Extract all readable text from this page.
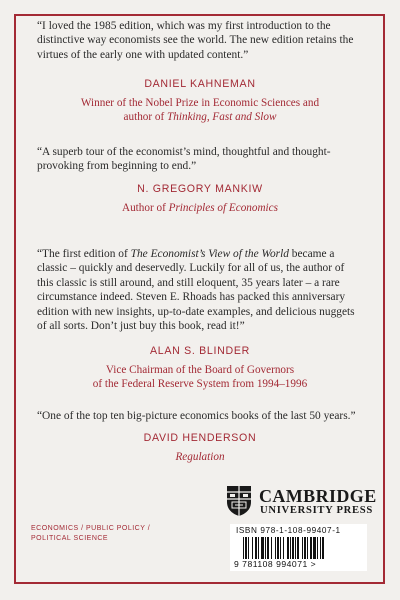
“I loved the 1985 edition, which was my first introduction to the
distinctive way economists see the world. The new edition retains the
virtues of the early one with updated content.”
DANIEL KAHNEMAN
Winner of the Nobel Prize in Economic Sciences and
author of Thinking, Fast and Slow
“A superb tour of the economist’s mind, thoughtful and thought-
provoking from beginning to end.”
N. GREGORY MANKIW
Author of Principles of Economics
“The first edition of The Economist’s View of the World became a
classic – quickly and deservedly. Luckily for all of us, the author of
this classic is still around, and still eloquent, 35 years later – a rare
circumstance indeed. Steven E. Rhoads has packed this anniversary
edition with new insights, up-to-date examples, and delicious nuggets
of all sorts. Don’t just buy this book, read it!”
ALAN S. BLINDER
Vice Chairman of the Board of Governors
of the Federal Reserve System from 1994–1996
“One of the top ten big-picture economics books of the last 50 years.”
DAVID HENDERSON
Regulation
CAMBRIDGE
UNIVERSITY PRESS
ECONOMICS / PUBLIC POLICY /
POLITICAL SCIENCE
ISBN 978-1-108-99407-1
9 781108 994071 >
